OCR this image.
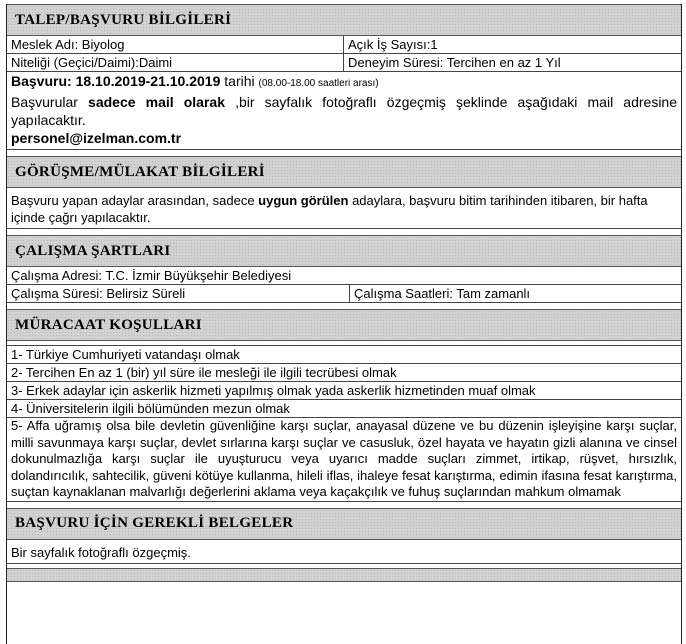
TALEP/BAŞVURU BİLGİLERİ
Meslek Adı: Biyolog	Açık İş Sayısı:1
Niteliği (Geçici/Daimi):Daimi	Deneyim Süresi: Tercihen en az 1 Yıl
Başvuru: 18.10.2019-21.10.2019 tarihi (08.00-18.00 saatleri arası)
Başvurular sadece mail olarak ,bir sayfalık fotoğraflı özgeçmiş şeklinde aşağıdaki mail adresine yapılacaktır.
personel@izelman.com.tr
GÖRÜŞME/MÜLAKAT BİLGİLERİ
Başvuru yapan adaylar arasından, sadece uygun görülen adaylara, başvuru bitim tarihinden itibaren, bir hafta içinde çağrı yapılacaktır.
ÇALIŞMA ŞARTLARI
Çalışma Adresi: T.C. İzmir Büyükşehir Belediyesi
Çalışma Süresi: Belirsiz Süreli	Çalışma Saatleri: Tam zamanlı
MÜRACAAT KOŞULLARI
1- Türkiye Cumhuriyeti vatandaşı olmak
2- Tercihen En az 1 (bir) yıl süre ile mesleği ile ilgili tecrübesi olmak
3- Erkek adaylar için askerlik hizmeti yapılmış olmak yada askerlik hizmetinden muaf olmak
4- Üniversitelerin ilgili bölümünden mezun olmak
5- Affa uğramış olsa bile devletin güvenliğine karşı suçlar, anayasal düzene ve bu düzenin işleyişine karşı suçlar, milli savunmaya karşı suçlar, devlet sırlarına karşı suçlar ve casusluk, özel hayata ve hayatın gizli alanına ve cinsel dokunulmazlığa karşı suçlar ile uyuşturucu veya uyarıcı madde suçları zimmet, irtikap, rüşvet, hırsızlık, dolandırıcılık, sahtecilik, güveni kötüye kullanma, hileli iflas, ihaleye fesat karıştırma, edimin ifasına fesat karıştırma, suçtan kaynaklanan malvarlığı değerlerini aklama veya kaçakçılık ve fuhuş suçlarından mahkum olmamak
BAŞVURU İÇİN GEREKLİ BELGELER
Bir sayfalık fotoğraflı özgeçmiş.
